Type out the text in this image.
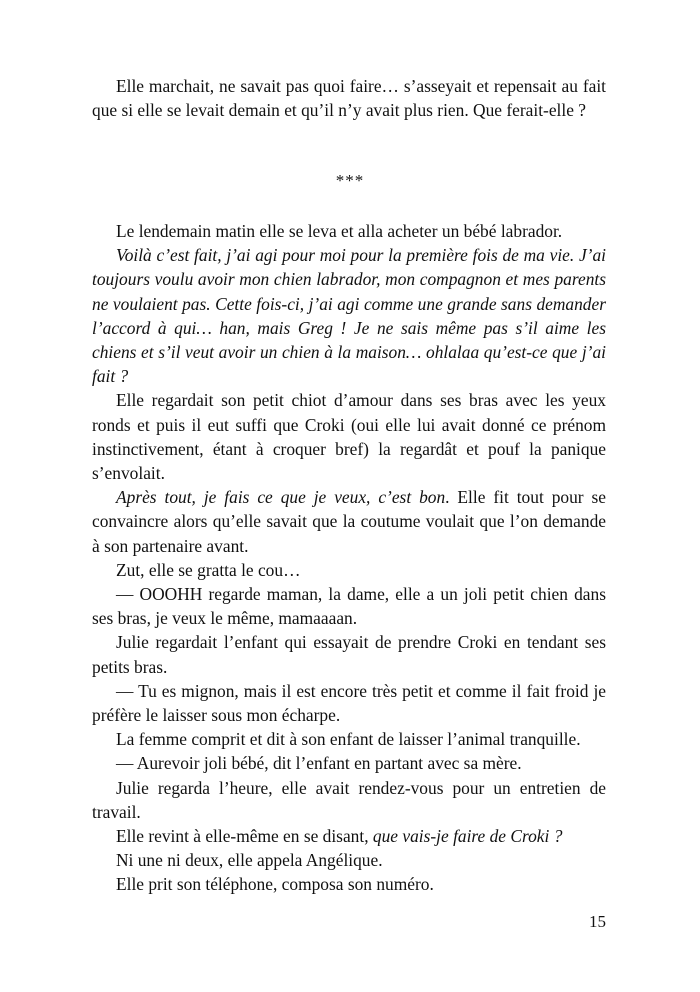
Elle marchait, ne savait pas quoi faire… s’asseyait et repensait au fait que si elle se levait demain et qu’il n’y avait plus rien. Que ferait-elle ?

***

Le lendemain matin elle se leva et alla acheter un bébé labrador.

Voilà c’est fait, j’ai agi pour moi pour la première fois de ma vie. J’ai toujours voulu avoir mon chien labrador, mon compagnon et mes parents ne voulaient pas. Cette fois-ci, j’ai agi comme une grande sans demander l’accord à qui… han, mais Greg ! Je ne sais même pas s’il aime les chiens et s’il veut avoir un chien à la maison… ohlalaa qu’est-ce que j’ai fait ?

Elle regardait son petit chiot d’amour dans ses bras avec les yeux ronds et puis il eut suffi que Croki (oui elle lui avait donné ce prénom instinctivement, étant à croquer bref) la regardât et pouf la panique s’envolait.

Après tout, je fais ce que je veux, c’est bon. Elle fit tout pour se convaincre alors qu’elle savait que la coutume voulait que l’on demande à son partenaire avant.

Zut, elle se gratta le cou…

— OOOHH regarde maman, la dame, elle a un joli petit chien dans ses bras, je veux le même, mamaaaan.

Julie regardait l’enfant qui essayait de prendre Croki en tendant ses petits bras.

— Tu es mignon, mais il est encore très petit et comme il fait froid je préfère le laisser sous mon écharpe.

La femme comprit et dit à son enfant de laisser l’animal tranquille.

— Aurevoir joli bébé, dit l’enfant en partant avec sa mère.

Julie regarda l’heure, elle avait rendez-vous pour un entretien de travail.

Elle revint à elle-même en se disant, que vais-je faire de Croki ?

Ni une ni deux, elle appela Angélique.

Elle prit son téléphone, composa son numéro.

15
